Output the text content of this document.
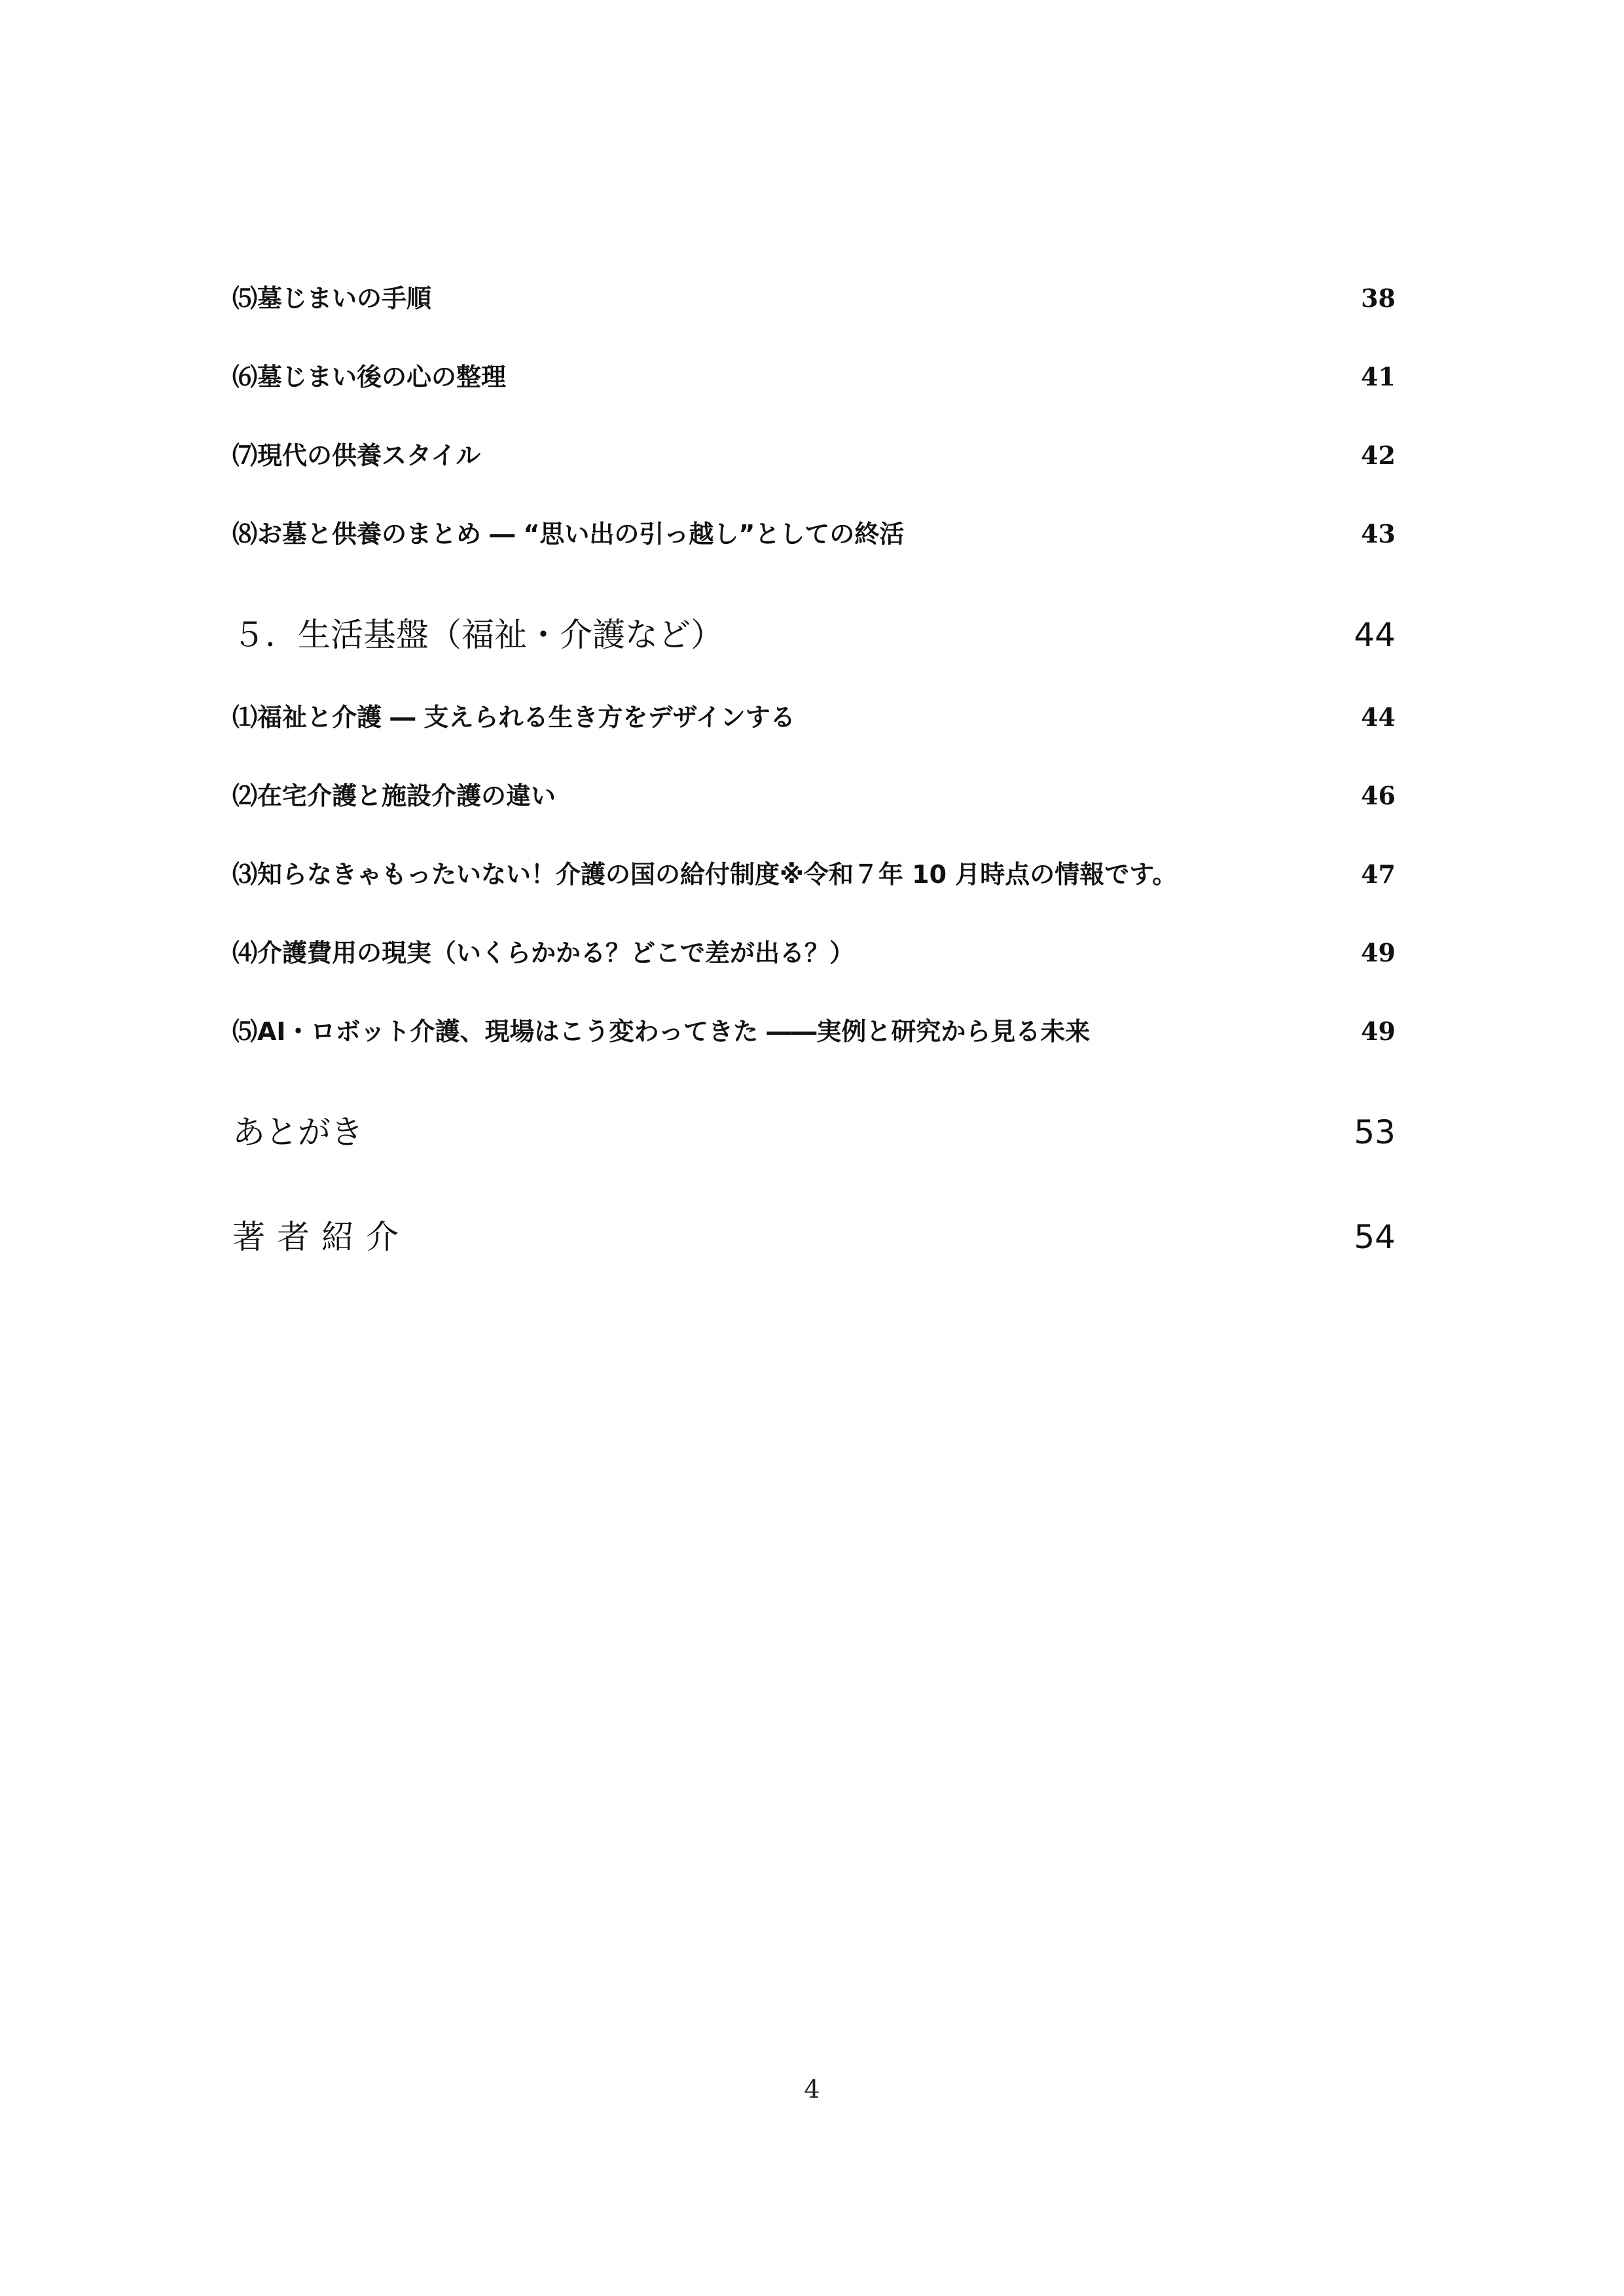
⑸墓じまいの手順	38
⑹墓じまい後の心の整理	41
⑺現代の供養スタイル	42
⑻お墓と供養のまとめ ― “思い出の引っ越し”としての終活	43
５．生活基盤（福祉・介護など）	44
⑴福祉と介護 ― 支えられる生き方をデザインする	44
⑵在宅介護と施設介護の違い	46
⑶知らなきゃもったいない！介護の国の給付制度※令和７年 10 月時点の情報です。	47
⑷介護費用の現実（いくらかかる？どこで差が出る？）	49
⑸AI・ロボット介護、現場はこう変わってきた ――実例と研究から見る未来	49
あとがき	53
著者紹介	54
4
